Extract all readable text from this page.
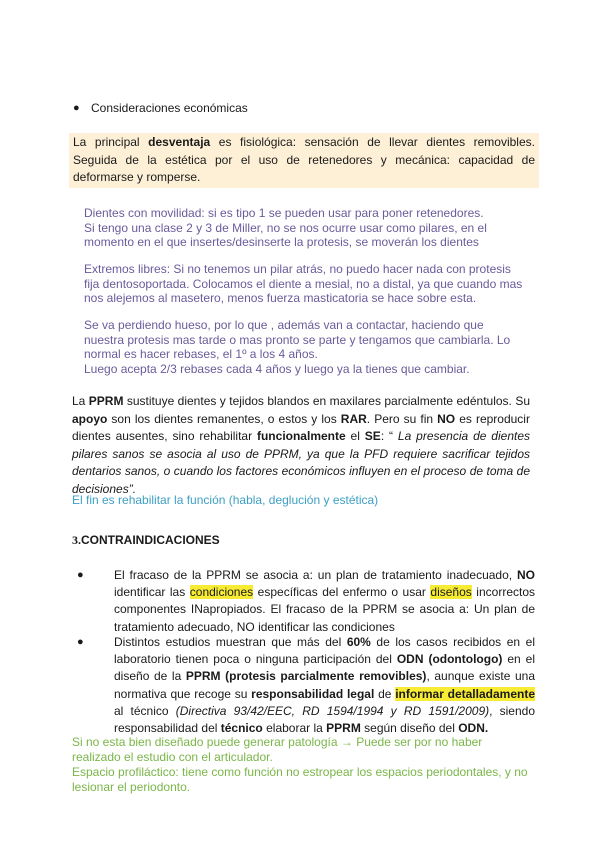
● Consideraciones económicas
La principal desventaja es fisiológica: sensación de llevar dientes removibles. Seguida de la estética por el uso de retenedores y mecánica: capacidad de deformarse y romperse.
Dientes con movilidad: si es tipo 1 se pueden usar para poner retenedores.
Si tengo una clase 2 y 3 de Miller, no se nos ocurre usar como pilares, en el momento en el que insertes/desinserte la protesis, se moverán los dientes
Extremos libres: Si no tenemos un pilar atrás, no puedo hacer nada con protesis fija dentosoportada. Colocamos el diente a mesial, no a distal, ya que cuando mas nos alejemos al masetero, menos fuerza masticatoria se hace sobre esta.
Se va perdiendo hueso, por lo que , además van a contactar, haciendo que nuestra protesis mas tarde o mas pronto se parte y tengamos que cambiarla. Lo normal es hacer rebases, el 1º a los 4 años.
Luego acepta 2/3 rebases cada 4 años y luego ya la tienes que cambiar.
La PPRM sustituye dientes y tejidos blandos en maxilares parcialmente edéntulos. Su apoyo son los dientes remanentes, o estos y los RAR. Pero su fin NO es reproducir dientes ausentes, sino rehabilitar funcionalmente el SE: “ La presencia de dientes pilares sanos se asocia al uso de PPRM, ya que la PFD requiere sacrificar tejidos dentarios sanos, o cuando los factores económicos influyen en el proceso de toma de decisiones”.
El fin es rehabilitar la función (habla, deglución y estética)
3.CONTRAINDICACIONES
●	El fracaso de la PPRM se asocia a: un plan de tratamiento inadecuado, NO identificar las condiciones específicas del enfermo o usar diseños incorrectos componentes INapropiados. El fracaso de la PPRM se asocia a: Un plan de tratamiento adecuado, NO identificar las condiciones
●	Distintos estudios muestran que más del 60% de los casos recibidos en el laboratorio tienen poca o ninguna participación del ODN (odontologo) en el diseño de la PPRM (protesis parcialmente removibles), aunque existe una normativa que recoge su responsabilidad legal de informar detalladamente al técnico (Directiva 93/42/EEC, RD 1594/1994 y RD 1591/2009), siendo responsabilidad del técnico elaborar la PPRM según diseño del ODN.
Si no esta bien diseñado puede generar patología → Puede ser por no haber realizado el estudio con el articulador.
Espacio profiláctico: tiene como función no estropear los espacios periodontales, y no lesionar el periodonto.
